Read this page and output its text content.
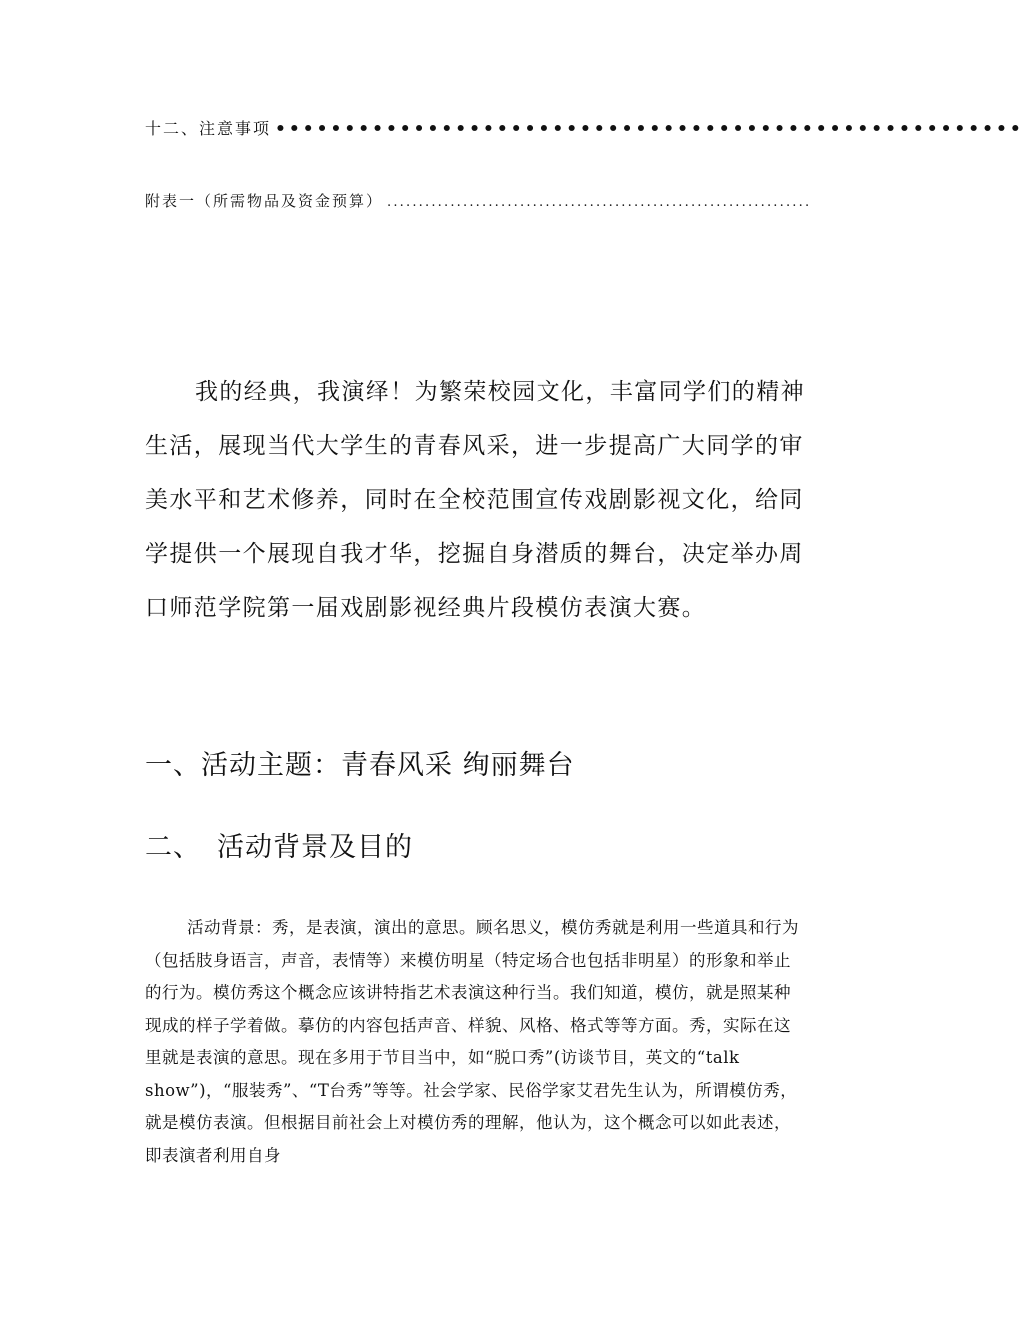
十二、注意事项 ••••••••••••••••••••••••••••••••••••••••••••••••••••••
附表一（所需物品及资金预算） ...................................................................

我的经典，我演绎！为繁荣校园文化，丰富同学们的精神生活，展现当代大学生的青春风采，进一步提高广大同学的审美水平和艺术修养，同时在全校范围宣传戏剧影视文化，给同学提供一个展现自我才华，挖掘自身潜质的舞台，决定举办周口师范学院第一届戏剧影视经典片段模仿表演大赛。

一、活动主题：青春风采 绚丽舞台
二、 活动背景及目的

活动背景：秀，是表演，演出的意思。顾名思义，模仿秀就是利用一些道具和行为（包括肢身语言，声音，表情等）来模仿明星（特定场合也包括非明星）的形象和举止的行为。模仿秀这个概念应该讲特指艺术表演这种行当。我们知道，模仿，就是照某种现成的样子学着做。摹仿的内容包括声音、样貌、风格、格式等等方面。秀，实际在这里就是表演的意思。现在多用于节目当中，如“脱口秀”(访谈节目，英文的“talk show”)，“服装秀”、“T台秀”等等。社会学家、民俗学家艾君先生认为，所谓模仿秀，就是模仿表演。但根据目前社会上对模仿秀的理解，他认为，这个概念可以如此表述，即表演者利用自身
